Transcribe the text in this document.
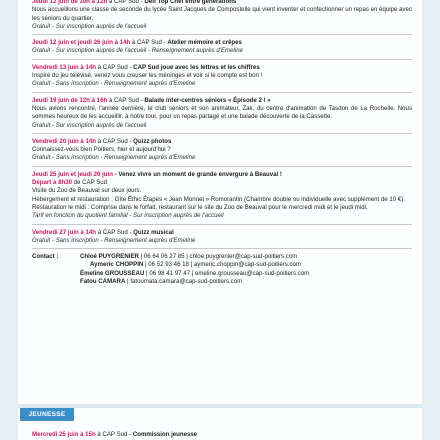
Jeudi 12 juin de 10h à 12h à CAP Sud - Défi Top Chef entre générations
Nous accueillons une classe de seconde du lycée Saint Jacques de Compostelle qui vient inventer et confectionner un repas en équipe avec les séniors du quartier.
Gratuit - Sur inscription auprès de l'accueil
Jeudi 12 juin et jeudi 26 juin à 14h à CAP Sud - Atelier mémoire et crêpes
Gratuit - Sur inscription auprès de l'accueil - Renseignement auprès d'Emeline
Vendredi 13 juin à 14h à CAP Sud - CAP Sud joue avec les lettres et les chiffres
Inspiré du jeu télévisé, venez vous creuser les méninges et voir si le compte est bon !
Gratuit - Sans inscription - Renseignement auprès d'Emeline
Jeudi 19 juin de 12h à 16h à CAP Sud - Balade inter-centres séniors « Épisode 2 ! »
Nous avions rencontré, l'année dernière, le club séniors et son animateur, Zak, du centre d'animation de Tasdon de La Rochelle. Nous sommes heureux de les accueillir, à notre tour, pour un repas partagé et une balade découverte de la Cassette.
Gratuit - Sur inscription auprès de l'accueil
Vendredi 20 juin à 14h à CAP Sud - Quizz photos
Connaissez-vous bien Poitiers, hier et aujourd'hui ?
Gratuit - Sans inscription - Renseignement auprès d'Emeline
Jeudi 25 juin et jeudi 26 juin - Venez vivre un moment de grande envergure à Beauval !
Départ à 8h30 de CAP Sud
Visite du Zoo de Beauval sur deux jours.
Hébergement et restauration : Gîte Éthic Étapes « Jean Monnet » Romorantin (Chambre double ou individuelle avec supplément de 10 €)
Restauration le midi : Comprise dans le forfait, restaurant sur le site du Zoo de Beauval pour le mercredi midi et le jeudi midi.
Tarif en fonction du quotient familial - Sur inscription auprès de l'accueil
Vendredi 27 juin à 14h à CAP Sud - Quizz musical
Gratuit - Sans inscription - Renseignement auprès d'Emeline
Contact :	Chloé PUYGRENIER | 06 64 06 27 85 | chloe.puygrenier@cap-sud-poitiers.com
Aymeric CHOPPIN | 06 52 93 46 18 | aymeric.choppin@cap-sud-poitiers.com
Émeline GROUSSEAU | 06 98 41 97 47 | emeline.grousseau@cap-sud-poitiers.com
Fatou CAMARA | fatoumata.camara@cap-sud-poitiers.com
Mercredi 25 juin à 15h à CAP Sud - Commission jeunesse
JEUNESSE
